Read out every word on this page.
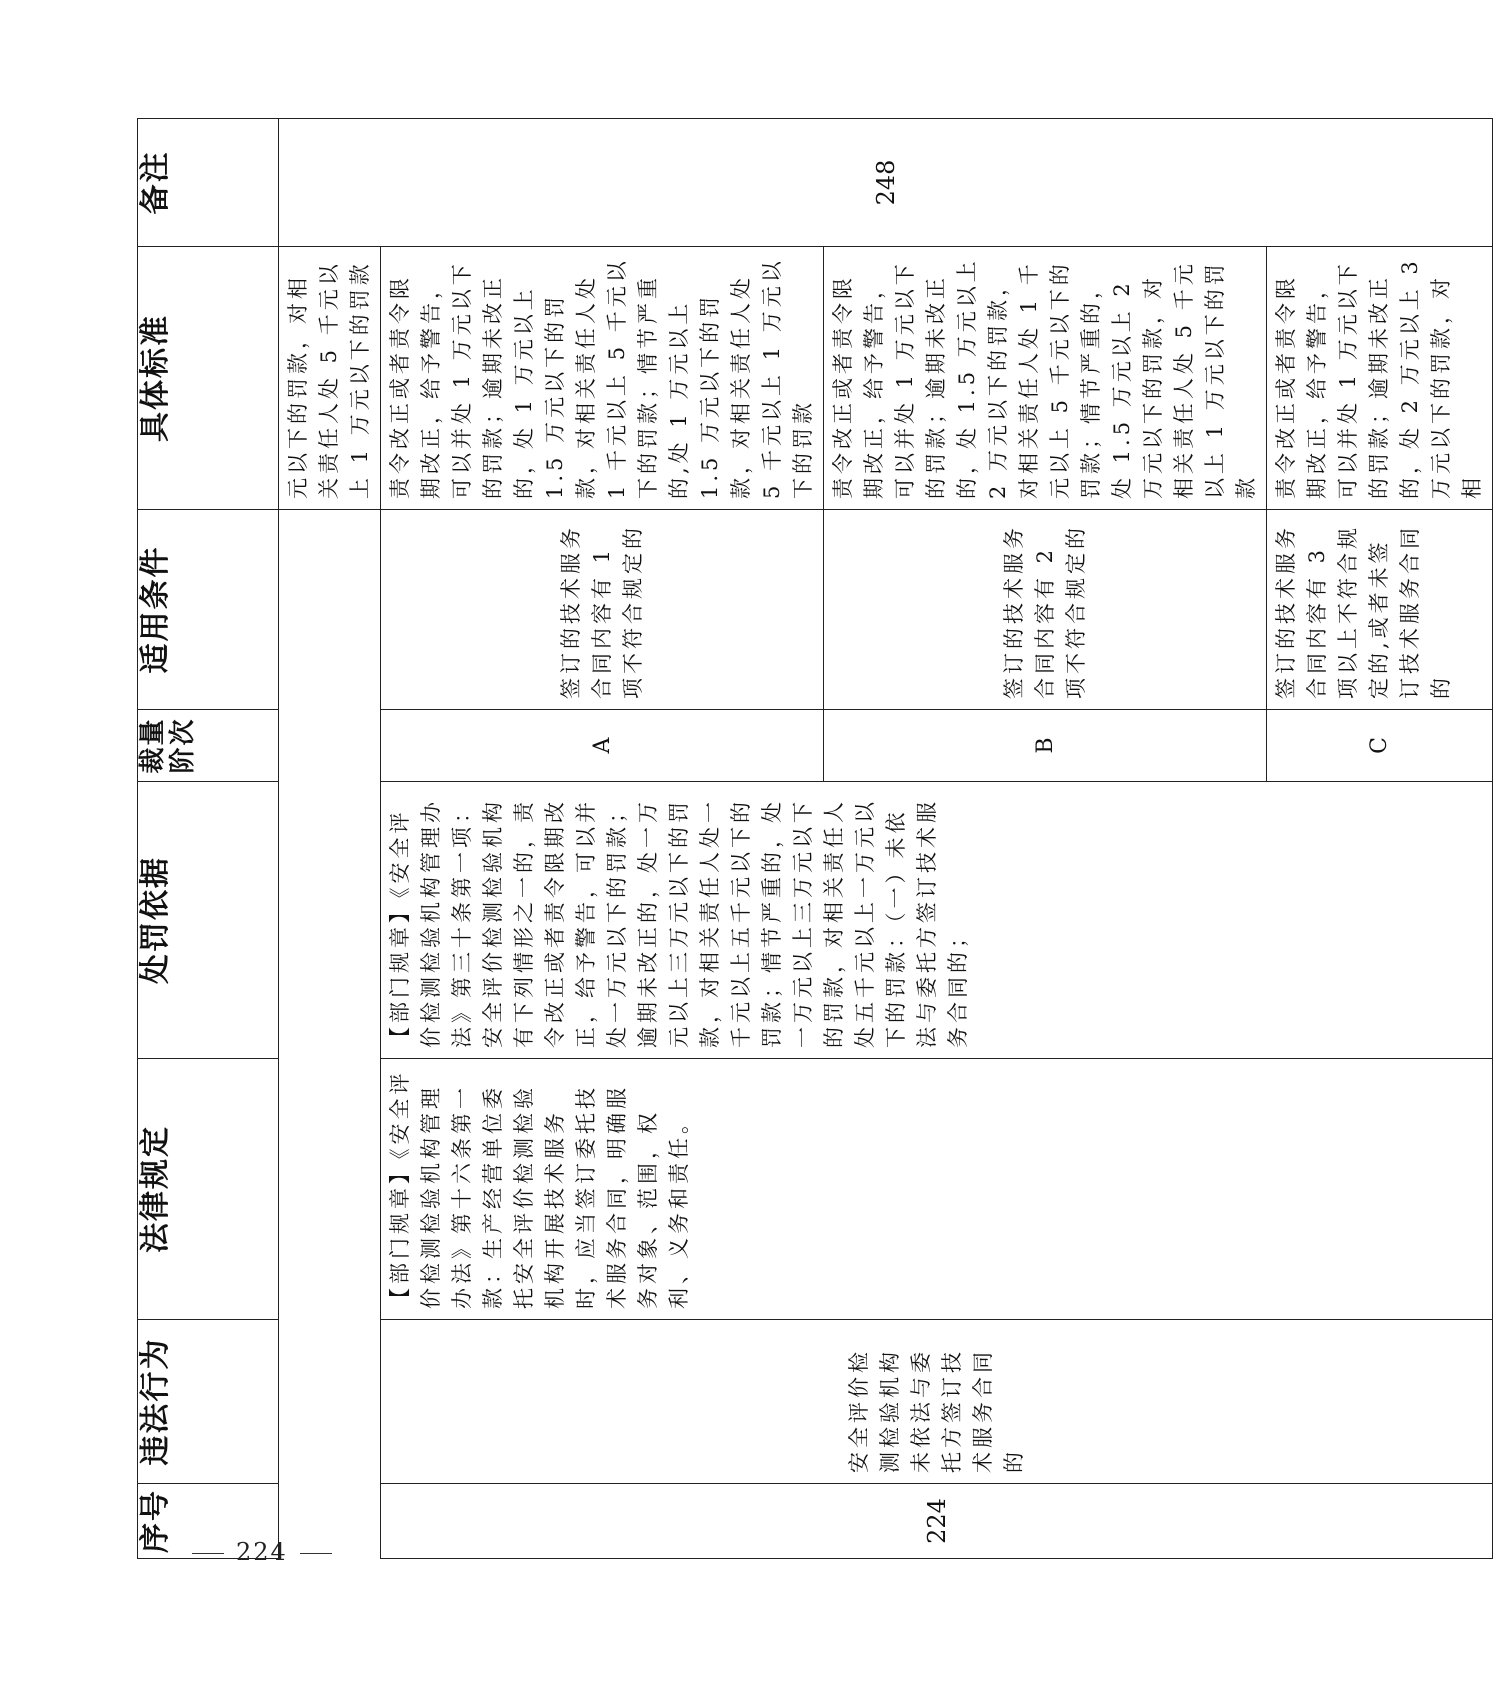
序号	违法行为	法律规定	处罚依据	裁量阶次	适用条件	具体标准	备注

						元以下的罚款，对相关责任人处 5 千元以上 1 万元以下的罚款	248

224	安全评价检测检验机构未依法与委托方签订技术服务合同的	【部门规章】《安全评价检测检验机构管理办法》第十六条第一款：生产经营单位委托安全评价检测检验机构开展技术服务时，应当签订委托技术服务合同，明确服务对象、范围，权利、义务和责任。	【部门规章】《安全评价检测检验机构管理办法》第三十条第一项：安全评价检测检验机构有下列情形之一的，责令改正或者责令限期改正，给予警告，可以并处一万元以下的罚款；逾期未改正的，处一万元以上三万元以下的罚款，对相关责任人处一千元以上五千元以下的罚款；情节严重的，处一万元以上三万元以下的罚款，对相关责任人处五千元以上一万元以下的罚款：（一）未依法与委托方签订技术服务合同的；	A	签订的技术服务合同内容有 1 项不符合规定的	责令改正或者责令限期改正，给予警告，可以并处 1 万元以下的罚款；逾期未改正的，处 1 万元以上 1.5 万元以下的罚款，对相关责任人处 1 千元以上 5 千元以下的罚款；情节严重的,处 1 万元以上 1.5 万元以下的罚款，对相关责任人处 5 千元以上 1 万元以下的罚款	

				B	签订的技术服务合同内容有 2 项不符合规定的	责令改正或者责令限期改正，给予警告，可以并处 1 万元以下的罚款；逾期未改正的，处 1.5 万元以上 2 万元以下的罚款，对相关责任人处 1 千元以上 5 千元以下的罚款；情节严重的，处 1.5 万元以上 2 万元以下的罚款，对相关责任人处 5 千元以上 1 万元以下的罚款	

				C	签订的技术服务合同内容有 3 项以上不符合规定的,或者未签订技术服务合同的	责令改正或者责令限期改正，给予警告，可以并处 1 万元以下的罚款；逾期未改正的，处 2 万元以上 3 万元以下的罚款，对相	
224
